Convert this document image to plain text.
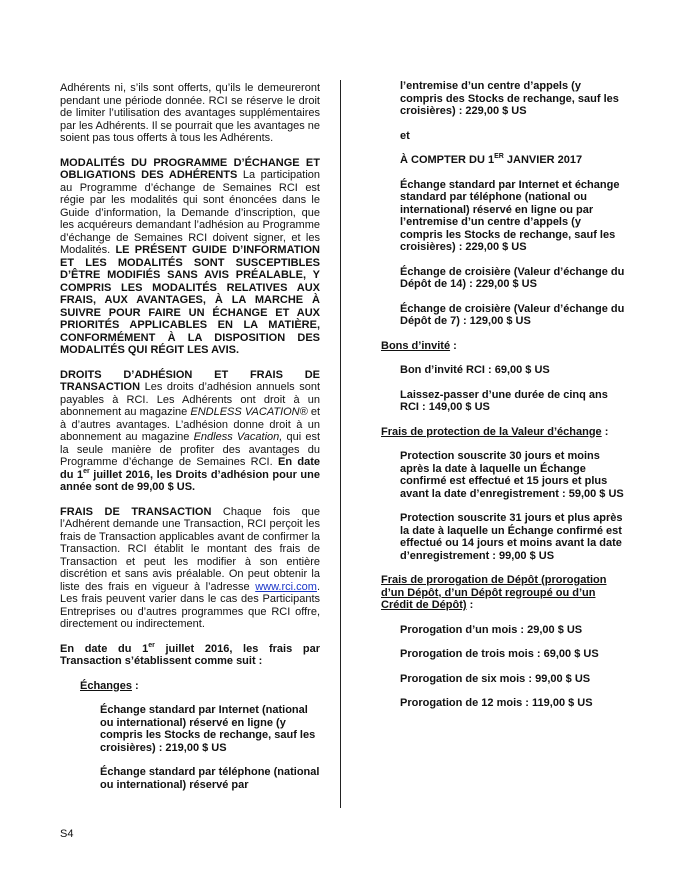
Adhérents ni, s’ils sont offerts, qu’ils le demeureront pendant une période donnée. RCI se réserve le droit de limiter l’utilisation des avantages supplémentaires par les Adhérents. Il se pourrait que les avantages ne soient pas tous offerts à tous les Adhérents.

MODALITÉS DU PROGRAMME D’ÉCHANGE ET OBLIGATIONS DES ADHÉRENTS La participation au Programme d’échange de Semaines RCI est régie par les modalités qui sont énoncées dans le Guide d’information, la Demande d’inscription, que les acquéreurs demandant l’adhésion au Programme d’échange de Semaines RCI doivent signer, et les Modalités. LE PRÉSENT GUIDE D’INFORMATION ET LES MODALITÉS SONT SUSCEPTIBLES D’ÊTRE MODIFIÉS SANS AVIS PRÉALABLE, Y COMPRIS LES MODALITÉS RELATIVES AUX FRAIS, AUX AVANTAGES, À LA MARCHE À SUIVRE POUR FAIRE UN ÉCHANGE ET AUX PRIORITÉS APPLICABLES EN LA MATIÈRE, CONFORMÉMENT À LA DISPOSITION DES MODALITÉS QUI RÉGIT LES AVIS.

DROITS D’ADHÉSION ET FRAIS DE TRANSACTION Les droits d’adhésion annuels sont payables à RCI. Les Adhérents ont droit à un abonnement au magazine ENDLESS VACATION® et à d’autres avantages. L’adhésion donne droit à un abonnement au magazine Endless Vacation, qui est la seule manière de profiter des avantages du Programme d’échange de Semaines RCI. En date du 1er juillet 2016, les Droits d’adhésion pour une année sont de 99,00 $ US.

FRAIS DE TRANSACTION Chaque fois que l’Adhérent demande une Transaction, RCI perçoit les frais de Transaction applicables avant de confirmer la Transaction. RCI établit le montant des frais de Transaction et peut les modifier à son entière discrétion et sans avis préalable. On peut obtenir la liste des frais en vigueur à l’adresse www.rci.com. Les frais peuvent varier dans le cas des Participants Entreprises ou d’autres programmes que RCI offre, directement ou indirectement.

En date du 1er juillet 2016, les frais par Transaction s’établissent comme suit :

Échanges :

Échange standard par Internet (national ou international) réservé en ligne (y compris les Stocks de rechange, sauf les croisières) : 219,00 $ US

Échange standard par téléphone (national ou international) réservé par

l’entremise d’un centre d’appels (y compris des Stocks de rechange, sauf les croisières) : 229,00 $ US

et

À COMPTER DU 1ER JANVIER 2017

Échange standard par Internet et échange standard par téléphone (national ou international) réservé en ligne ou par l’entremise d’un centre d’appels (y compris les Stocks de rechange, sauf les croisières) : 229,00 $ US

Échange de croisière (Valeur d’échange du Dépôt de 14) : 229,00 $ US

Échange de croisière (Valeur d’échange du Dépôt de 7) : 129,00 $ US

Bons d’invité :

Bon d’invité RCI : 69,00 $ US

Laissez-passer d’une durée de cinq ans RCI : 149,00 $ US

Frais de protection de la Valeur d’échange :

Protection souscrite 30 jours et moins après la date à laquelle un Échange confirmé est effectué et 15 jours et plus avant la date d’enregistrement : 59,00 $ US

Protection souscrite 31 jours et plus après la date à laquelle un Échange confirmé est effectué ou 14 jours et moins avant la date d’enregistrement : 99,00 $ US

Frais de prorogation de Dépôt (prorogation d’un Dépôt, d’un Dépôt regroupé ou d’un Crédit de Dépôt) :

Prorogation d’un mois : 29,00 $ US

Prorogation de trois mois : 69,00 $ US

Prorogation de six mois : 99,00 $ US

Prorogation de 12 mois : 119,00 $ US

S4
